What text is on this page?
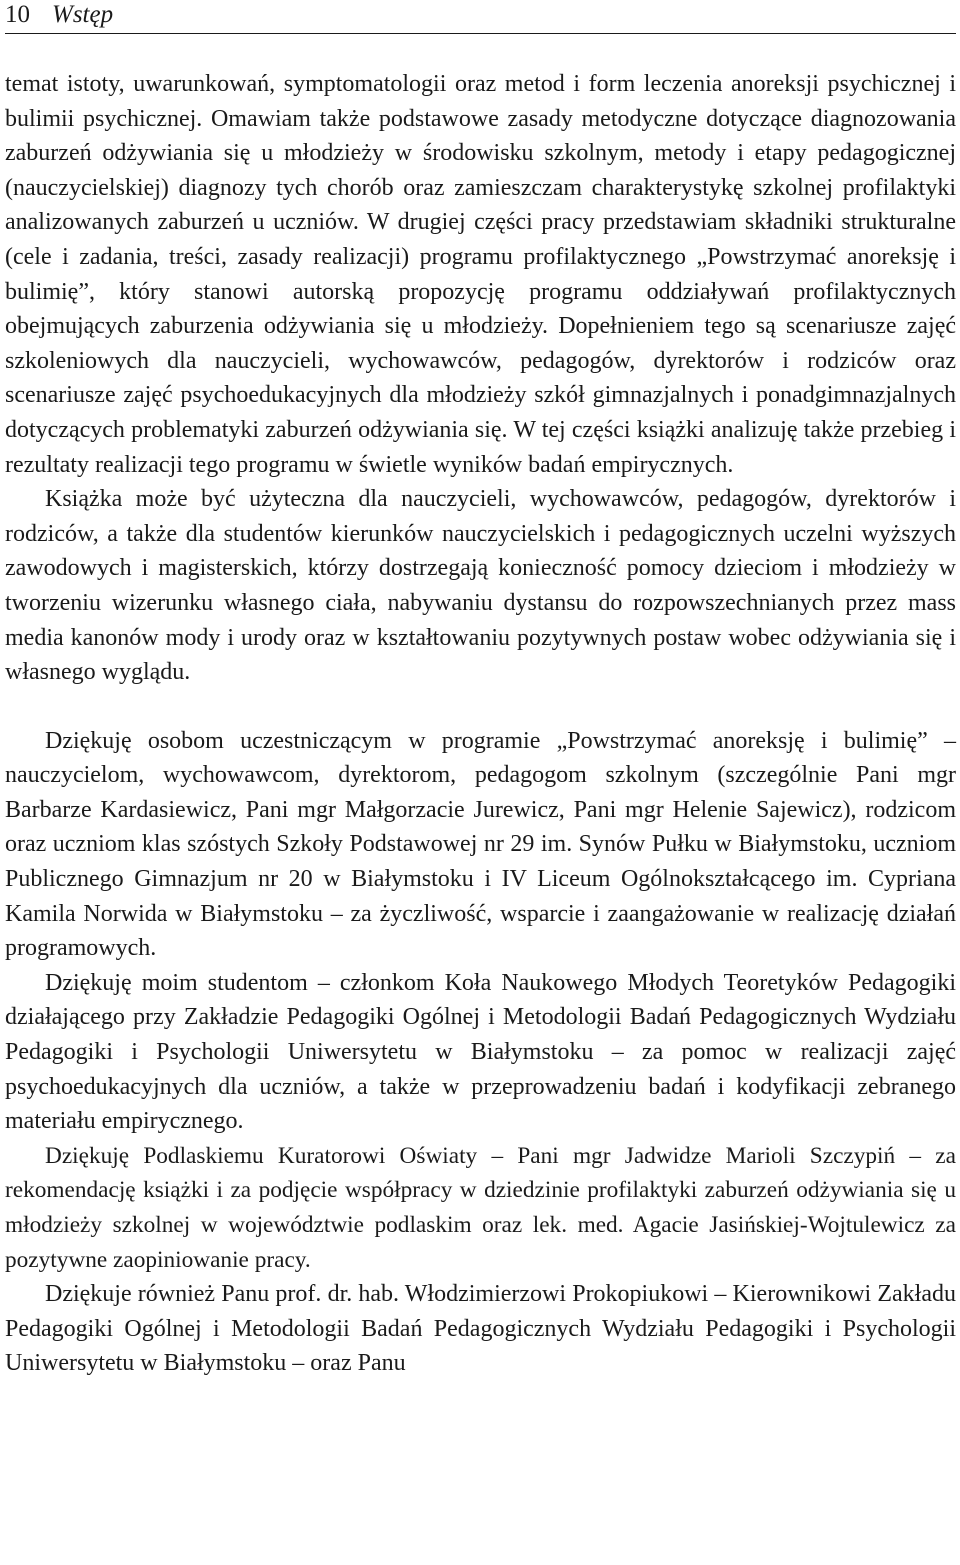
10 Wstęp

temat istoty, uwarunkowań, symptomatologii oraz metod i form leczenia anoreksji psychicznej i bulimii psychicznej. Omawiam także podstawowe zasady metodyczne dotyczące diagnozowania zaburzeń odżywiania się u młodzieży w środowisku szkolnym, metody i etapy pedagogicznej (nauczycielskiej) diagnozy tych chorób oraz zamieszczam charakterystykę szkolnej profilaktyki analizowanych zaburzeń u uczniów. W drugiej części pracy przedstawiam składniki strukturalne (cele i zadania, treści, zasady realizacji) programu profilaktycznego „Powstrzymać anoreksję i bulimię”, który stanowi autorską propozycję programu oddziaływań profilaktycznych obejmujących zaburzenia odżywiania się u młodzieży. Dopełnieniem tego są scenariusze zajęć szkoleniowych dla nauczycieli, wychowawców, pedagogów, dyrektorów i rodziców oraz scenariusze zajęć psychoedukacyjnych dla młodzieży szkół gimnazjalnych i ponadgimnazjalnych dotyczących problematyki zaburzeń odżywiania się. W tej części książki analizuję także przebieg i rezultaty realizacji tego programu w świetle wyników badań empirycznych.

Książka może być użyteczna dla nauczycieli, wychowawców, pedagogów, dyrektorów i rodziców, a także dla studentów kierunków nauczycielskich i pedagogicznych uczelni wyższych zawodowych i magisterskich, którzy dostrzegają konieczność pomocy dzieciom i młodzieży w tworzeniu wizerunku własnego ciała, nabywaniu dystansu do rozpowszechnianych przez mass media kanonów mody i urody oraz w kształtowaniu pozytywnych postaw wobec odżywiania się i własnego wyglądu.

Dziękuję osobom uczestniczącym w programie „Powstrzymać anoreksję i bulimię” – nauczycielom, wychowawcom, dyrektorom, pedagogom szkolnym (szczególnie Pani mgr Barbarze Kardasiewicz, Pani mgr Małgorzacie Jurewicz, Pani mgr Helenie Sajewicz), rodzicom oraz uczniom klas szóstych Szkoły Podstawowej nr 29 im. Synów Pułku w Białymstoku, uczniom Publicznego Gimnazjum nr 20 w Białymstoku i IV Liceum Ogólnokształcącego im. Cypriana Kamila Norwida w Białymstoku – za życzliwość, wsparcie i zaangażowanie w realizację działań programowych.

Dziękuję moim studentom – członkom Koła Naukowego Młodych Teoretyków Pedagogiki działającego przy Zakładzie Pedagogiki Ogólnej i Metodologii Badań Pedagogicznych Wydziału Pedagogiki i Psychologii Uniwersytetu w Białymstoku – za pomoc w realizacji zajęć psychoedukacyjnych dla uczniów, a także w przeprowadzeniu badań i kodyfikacji zebranego materiału empirycznego.

Dziękuję Podlaskiemu Kuratorowi Oświaty – Pani mgr Jadwidze Marioli Szczypiń – za rekomendację książki i za podjęcie współpracy w dziedzinie profilaktyki zaburzeń odżywiania się u młodzieży szkolnej w województwie podlaskim oraz lek. med. Agacie Jasińskiej-Wojtulewicz za pozytywne zaopiniowanie pracy.

Dziękuje również Panu prof. dr. hab. Włodzimierzowi Prokopiukowi – Kierownikowi Zakładu Pedagogiki Ogólnej i Metodologii Badań Pedagogicznych Wydziału Pedagogiki i Psychologii Uniwersytetu w Białymstoku – oraz Panu
